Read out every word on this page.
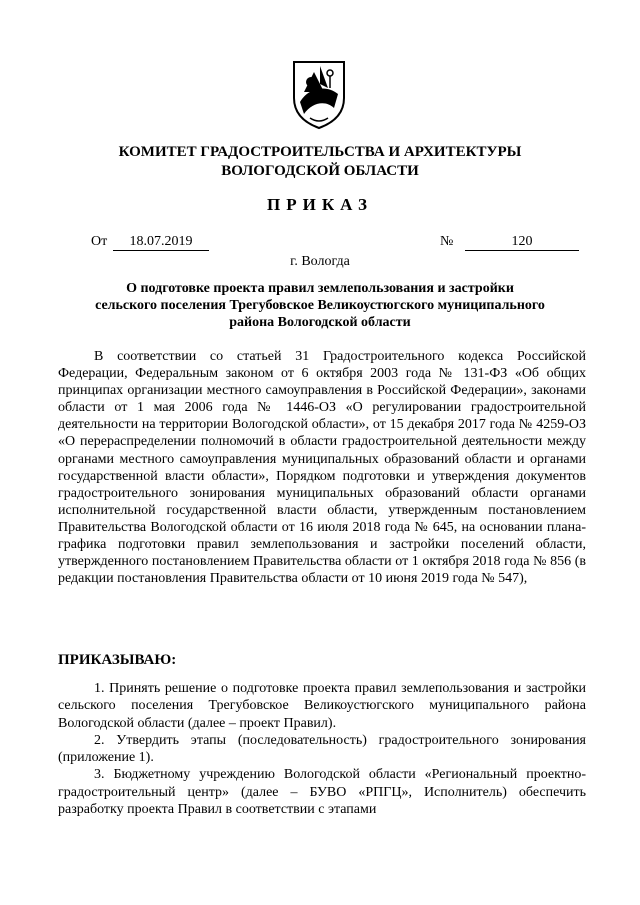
КОМИТЕТ ГРАДОСТРОИТЕЛЬСТВА И АРХИТЕКТУРЫ
ВОЛОГОДСКОЙ ОБЛАСТИ
ПРИКАЗ
От	18.07.2019	№	120
г. Вологда
О подготовке проекта правил землепользования и застройки
сельского поселения Трегубовское Великоустюгского муниципального
района Вологодской области

В соответствии со статьей 31 Градостроительного кодекса Российской Федерации, Федеральным законом от 6 октября 2003 года № 131-ФЗ «Об общих принципах организации местного самоуправления в Российской Федерации», законами области от 1 мая 2006 года № 1446-ОЗ «О регулировании градостроительной деятельности на территории Вологодской области», от 15 декабря 2017 года № 4259-ОЗ «О перераспределении полномочий в области градостроительной деятельности между органами местного самоуправления муниципальных образований области и органами государственной власти области», Порядком подготовки и утверждения документов градостроительного зонирования муниципальных образований области органами исполнительной государственной власти области, утвержденным постановлением Правительства Вологодской области от 16 июля 2018 года № 645, на основании плана-графика подготовки правил землепользования и застройки поселений области, утвержденного постановлением Правительства области от 1 октября 2018 года № 856 (в редакции постановления Правительства области от 10 июня 2019 года № 547),

ПРИКАЗЫВАЮ:

1. Принять решение о подготовке проекта правил землепользования и застройки сельского поселения Трегубовское Великоустюгского муниципального района Вологодской области (далее – проект Правил).

2. Утвердить этапы (последовательность) градостроительного зонирования (приложение 1).

3. Бюджетному учреждению Вологодской области «Региональный проектно-градостроительный центр» (далее – БУВО «РПГЦ», Исполнитель) обеспечить разработку проекта Правил в соответствии с этапами
